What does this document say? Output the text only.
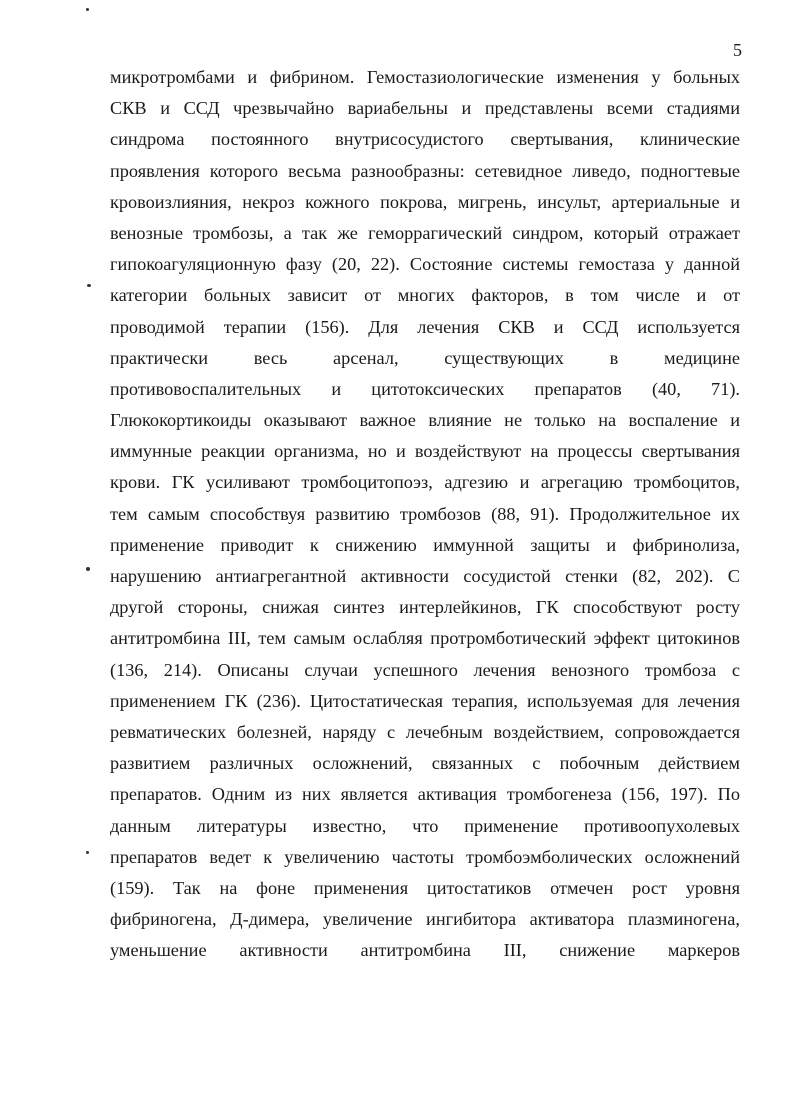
5
микротромбами и фибрином. Гемостазиологические изменения у больных
СКВ и ССД чрезвычайно вариабельны и представлены всеми стадиями
синдрома постоянного внутрисосудистого свертывания, клинические
проявления которого весьма разнообразны: сетевидное ливедо, подногтевые
кровоизлияния, некроз кожного покрова, мигрень, инсульт, артериальные и
венозные тромбозы, а так же геморрагический синдром, который отражает
гипокоагуляционную фазу (20, 22). Состояние системы гемостаза у данной
категории больных зависит от многих факторов, в том числе и от
проводимой терапии (156). Для лечения СКВ и ССД используется
практически весь арсенал, существующих в медицине
противовоспалительных и цитотоксических препаратов (40, 71).
Глюкокортикоиды оказывают важное влияние не только на воспаление и
иммунные реакции организма, но и воздействуют на процессы свертывания
крови. ГК усиливают тромбоцитопоэз, адгезию и агрегацию тромбоцитов,
тем самым способствуя развитию тромбозов (88, 91). Продолжительное их
применение приводит к снижению иммунной защиты и фибринолиза,
нарушению антиагрегантной активности сосудистой стенки (82, 202). С
другой стороны, снижая синтез интерлейкинов, ГК способствуют росту
антитромбина III, тем самым ослабляя протромботический эффект цитокинов
(136, 214). Описаны случаи успешного лечения венозного тромбоза с
применением ГК (236). Цитостатическая терапия, используемая для лечения
ревматических болезней, наряду с лечебным воздействием, сопровождается
развитием различных осложнений, связанных с побочным действием
препаратов. Одним из них является активация тромбогенеза (156, 197). По
данным литературы известно, что применение противоопухолевых
препаратов ведет к увеличению частоты тромбоэмболических осложнений
(159). Так на фоне применения цитостатиков отмечен рост уровня
фибриногена, Д-димера, увеличение ингибитора активатора плазминогена,
уменьшение активности антитромбина III, снижение маркеров
